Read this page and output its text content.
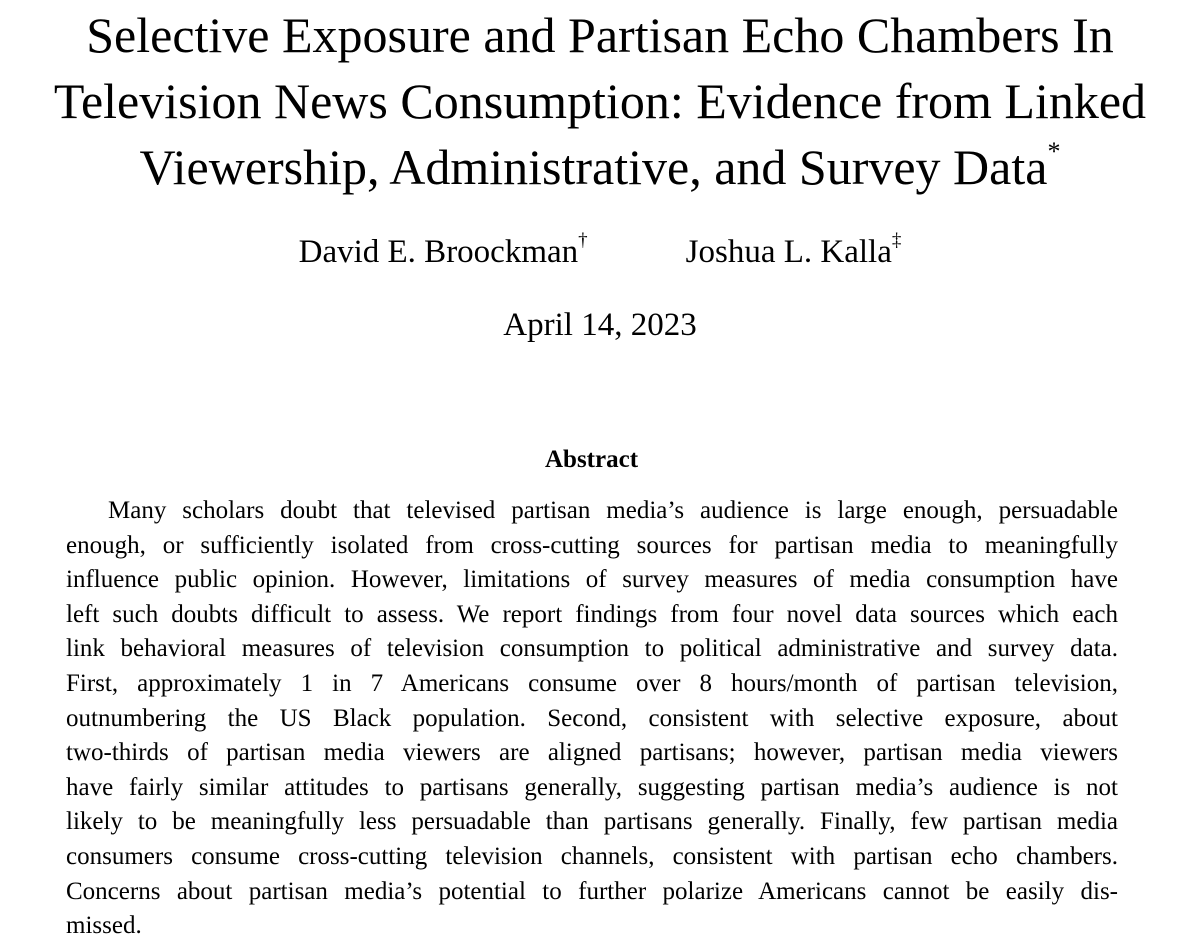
Selective Exposure and Partisan Echo Chambers In
Television News Consumption: Evidence from Linked
Viewership, Administrative, and Survey Data*
David E. Broockman†	Joshua L. Kalla‡
April 14, 2023
Abstract
Many scholars doubt that televised partisan media’s audience is large enough, persuadable
enough, or sufficiently isolated from cross-cutting sources for partisan media to meaningfully
influence public opinion. However, limitations of survey measures of media consumption have
left such doubts difficult to assess. We report findings from four novel data sources which each
link behavioral measures of television consumption to political administrative and survey data.
First, approximately 1 in 7 Americans consume over 8 hours/month of partisan television,
outnumbering the US Black population. Second, consistent with selective exposure, about
two-thirds of partisan media viewers are aligned partisans; however, partisan media viewers
have fairly similar attitudes to partisans generally, suggesting partisan media’s audience is not
likely to be meaningfully less persuadable than partisans generally. Finally, few partisan media
consumers consume cross-cutting television channels, consistent with partisan echo chambers.
Concerns about partisan media’s potential to further polarize Americans cannot be easily dis-
missed.
